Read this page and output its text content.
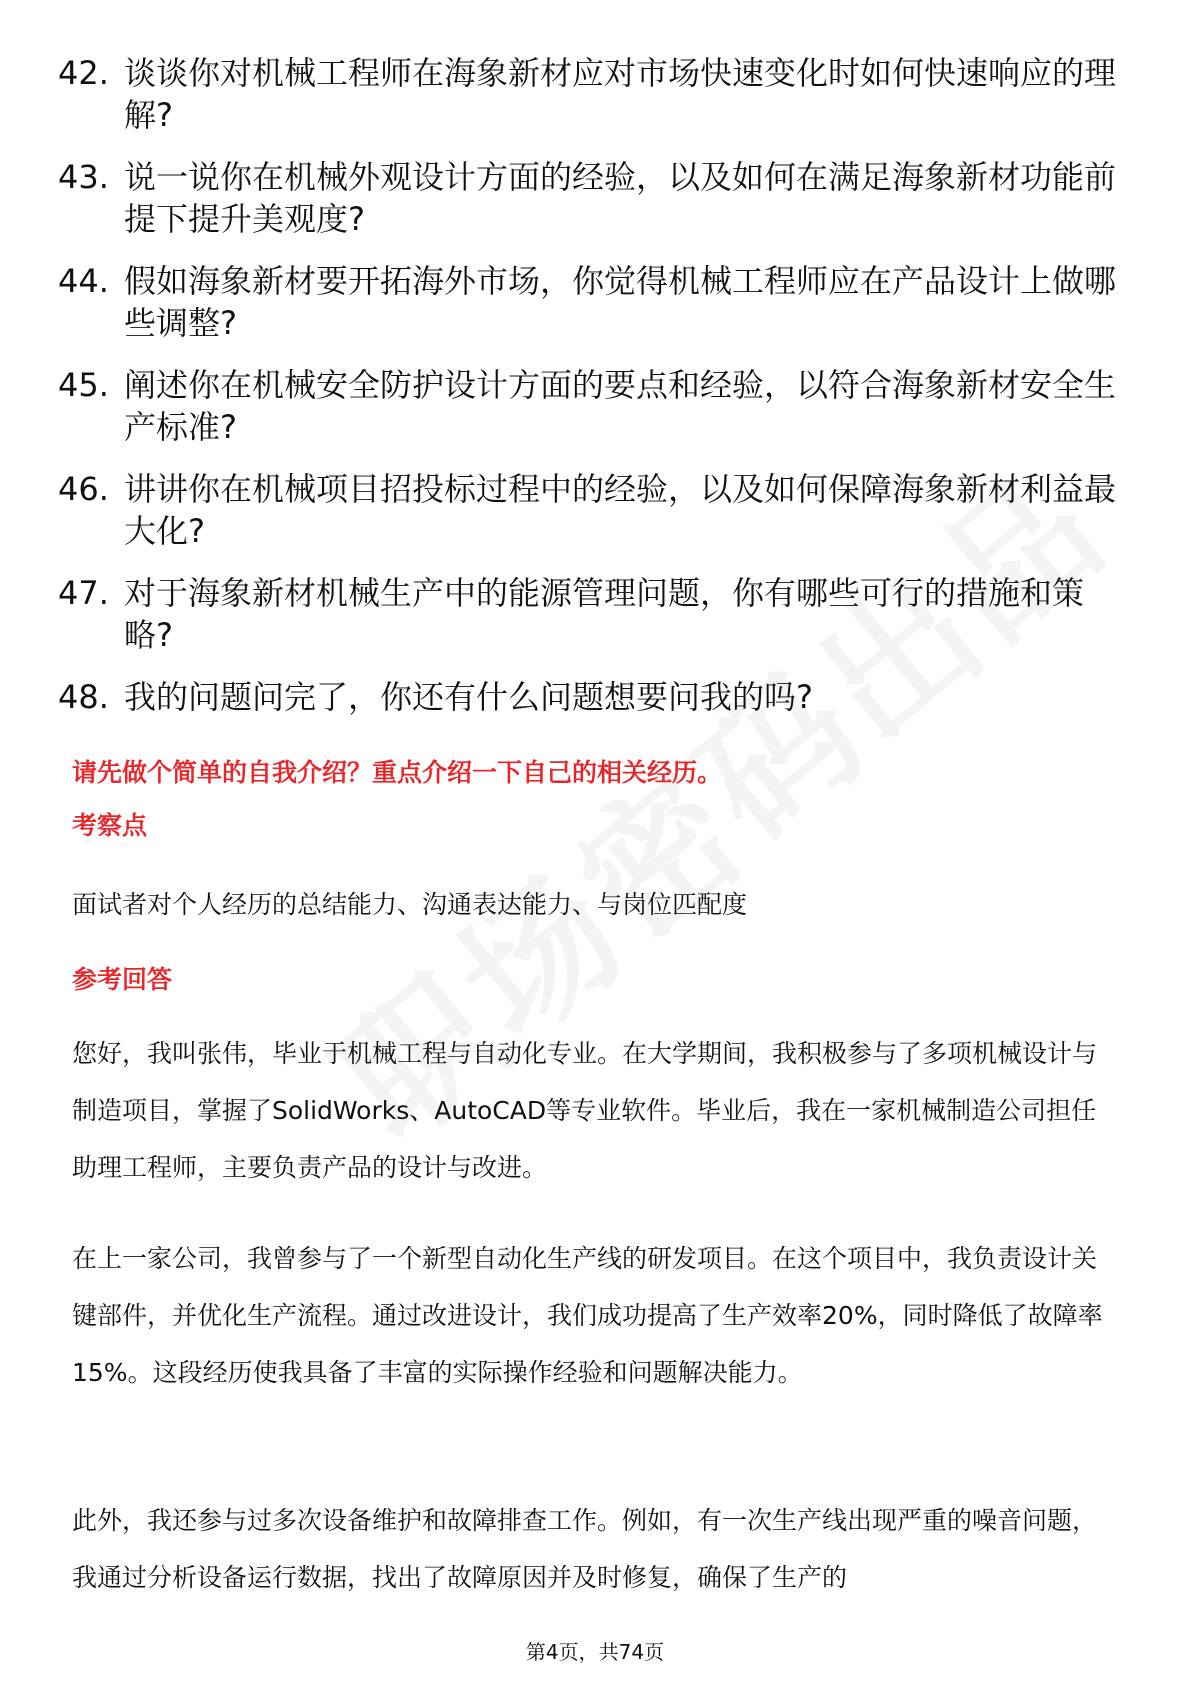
42. 谈谈你对机械工程师在海象新材应对市场快速变化时如何快速响应的理解?
43. 说一说你在机械外观设计方面的经验，以及如何在满足海象新材功能前提下提升美观度?
44. 假如海象新材要开拓海外市场，你觉得机械工程师应在产品设计上做哪些调整?
45. 阐述你在机械安全防护设计方面的要点和经验，以符合海象新材安全生产标准?
46. 讲讲你在机械项目招投标过程中的经验，以及如何保障海象新材利益最大化?
47. 对于海象新材机械生产中的能源管理问题，你有哪些可行的措施和策略?
48. 我的问题问完了，你还有什么问题想要问我的吗?
请先做个简单的自我介绍？重点介绍一下自己的相关经历。
考察点
面试者对个人经历的总结能力、沟通表达能力、与岗位匹配度
参考回答
您好，我叫张伟，毕业于机械工程与自动化专业。在大学期间，我积极参与了多项机械设计与制造项目，掌握了SolidWorks、AutoCAD等专业软件。毕业后，我在一家机械制造公司担任助理工程师，主要负责产品的设计与改进。
在上一家公司，我曾参与了一个新型自动化生产线的研发项目。在这个项目中，我负责设计关键部件，并优化生产流程。通过改进设计，我们成功提高了生产效率20%，同时降低了故障率15%。这段经历使我具备了丰富的实际操作经验和问题解决能力。
此外，我还参与过多次设备维护和故障排查工作。例如，有一次生产线出现严重的噪音问题，我通过分析设备运行数据，找出了故障原因并及时修复，确保了生产的
第4页，共74页
